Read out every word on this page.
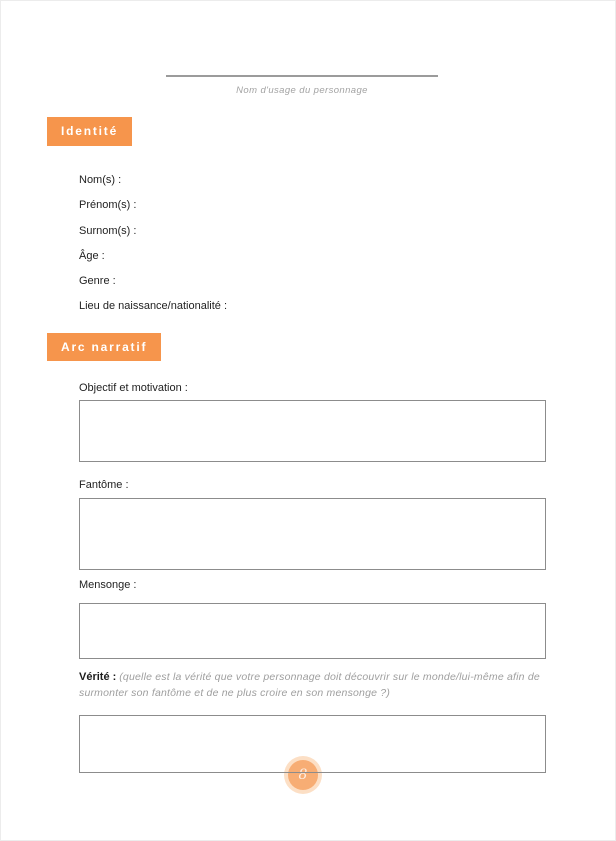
Nom d'usage du personnage
Identité
Nom(s) :
Prénom(s) :
Surnom(s) :
Âge :
Genre :
Lieu de naissance/nationalité :
Arc narratif
Objectif et motivation :
Fantôme :
Mensonge :
Vérité : (quelle est la vérité que votre personnage doit découvrir sur le monde/lui-même afin de surmonter son fantôme et de ne plus croire en son mensonge ?)
8
